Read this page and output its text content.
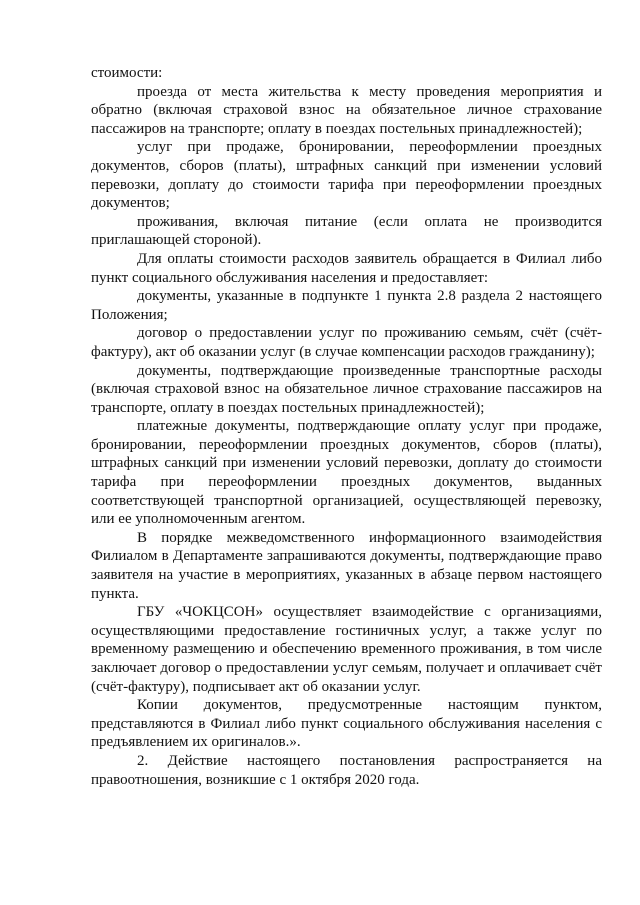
стоимости:

проезда от места жительства к месту проведения мероприятия и обратно (включая страховой взнос на обязательное личное страхование пассажиров на транспорте; оплату в поездах постельных принадлежностей);

услуг при продаже, бронировании, переоформлении проездных документов, сборов (платы), штрафных санкций при изменении условий перевозки, доплату до стоимости тарифа при переоформлении проездных документов;

проживания, включая питание (если оплата не производится приглашающей стороной).

Для оплаты стоимости расходов заявитель обращается в Филиал либо пункт социального обслуживания населения и предоставляет:

документы, указанные в подпункте 1 пункта 2.8 раздела 2 настоящего Положения;

договор о предоставлении услуг по проживанию семьям, счёт (счёт-фактуру), акт об оказании услуг (в случае компенсации расходов гражданину);

документы, подтверждающие произведенные транспортные расходы (включая страховой взнос на обязательное личное страхование пассажиров на транспорте, оплату в поездах постельных принадлежностей);

платежные документы, подтверждающие оплату услуг при продаже, бронировании, переоформлении проездных документов, сборов (платы), штрафных санкций при изменении условий перевозки, доплату до стоимости тарифа при переоформлении проездных документов, выданных соответствующей транспортной организацией, осуществляющей перевозку, или ее уполномоченным агентом.

В порядке межведомственного информационного взаимодействия Филиалом в Департаменте запрашиваются документы, подтверждающие право заявителя на участие в мероприятиях, указанных в абзаце первом настоящего пункта.

ГБУ «ЧОКЦСОН» осуществляет взаимодействие с организациями, осуществляющими предоставление гостиничных услуг, а также услуг по временному размещению и обеспечению временного проживания, в том числе заключает договор о предоставлении услуг семьям, получает и оплачивает счёт (счёт-фактуру), подписывает акт об оказании услуг.

Копии документов, предусмотренные настоящим пунктом, представляются в Филиал либо пункт социального обслуживания населения с предъявлением их оригиналов.».

2. Действие настоящего постановления распространяется на правоотношения, возникшие с 1 октября 2020 года.
